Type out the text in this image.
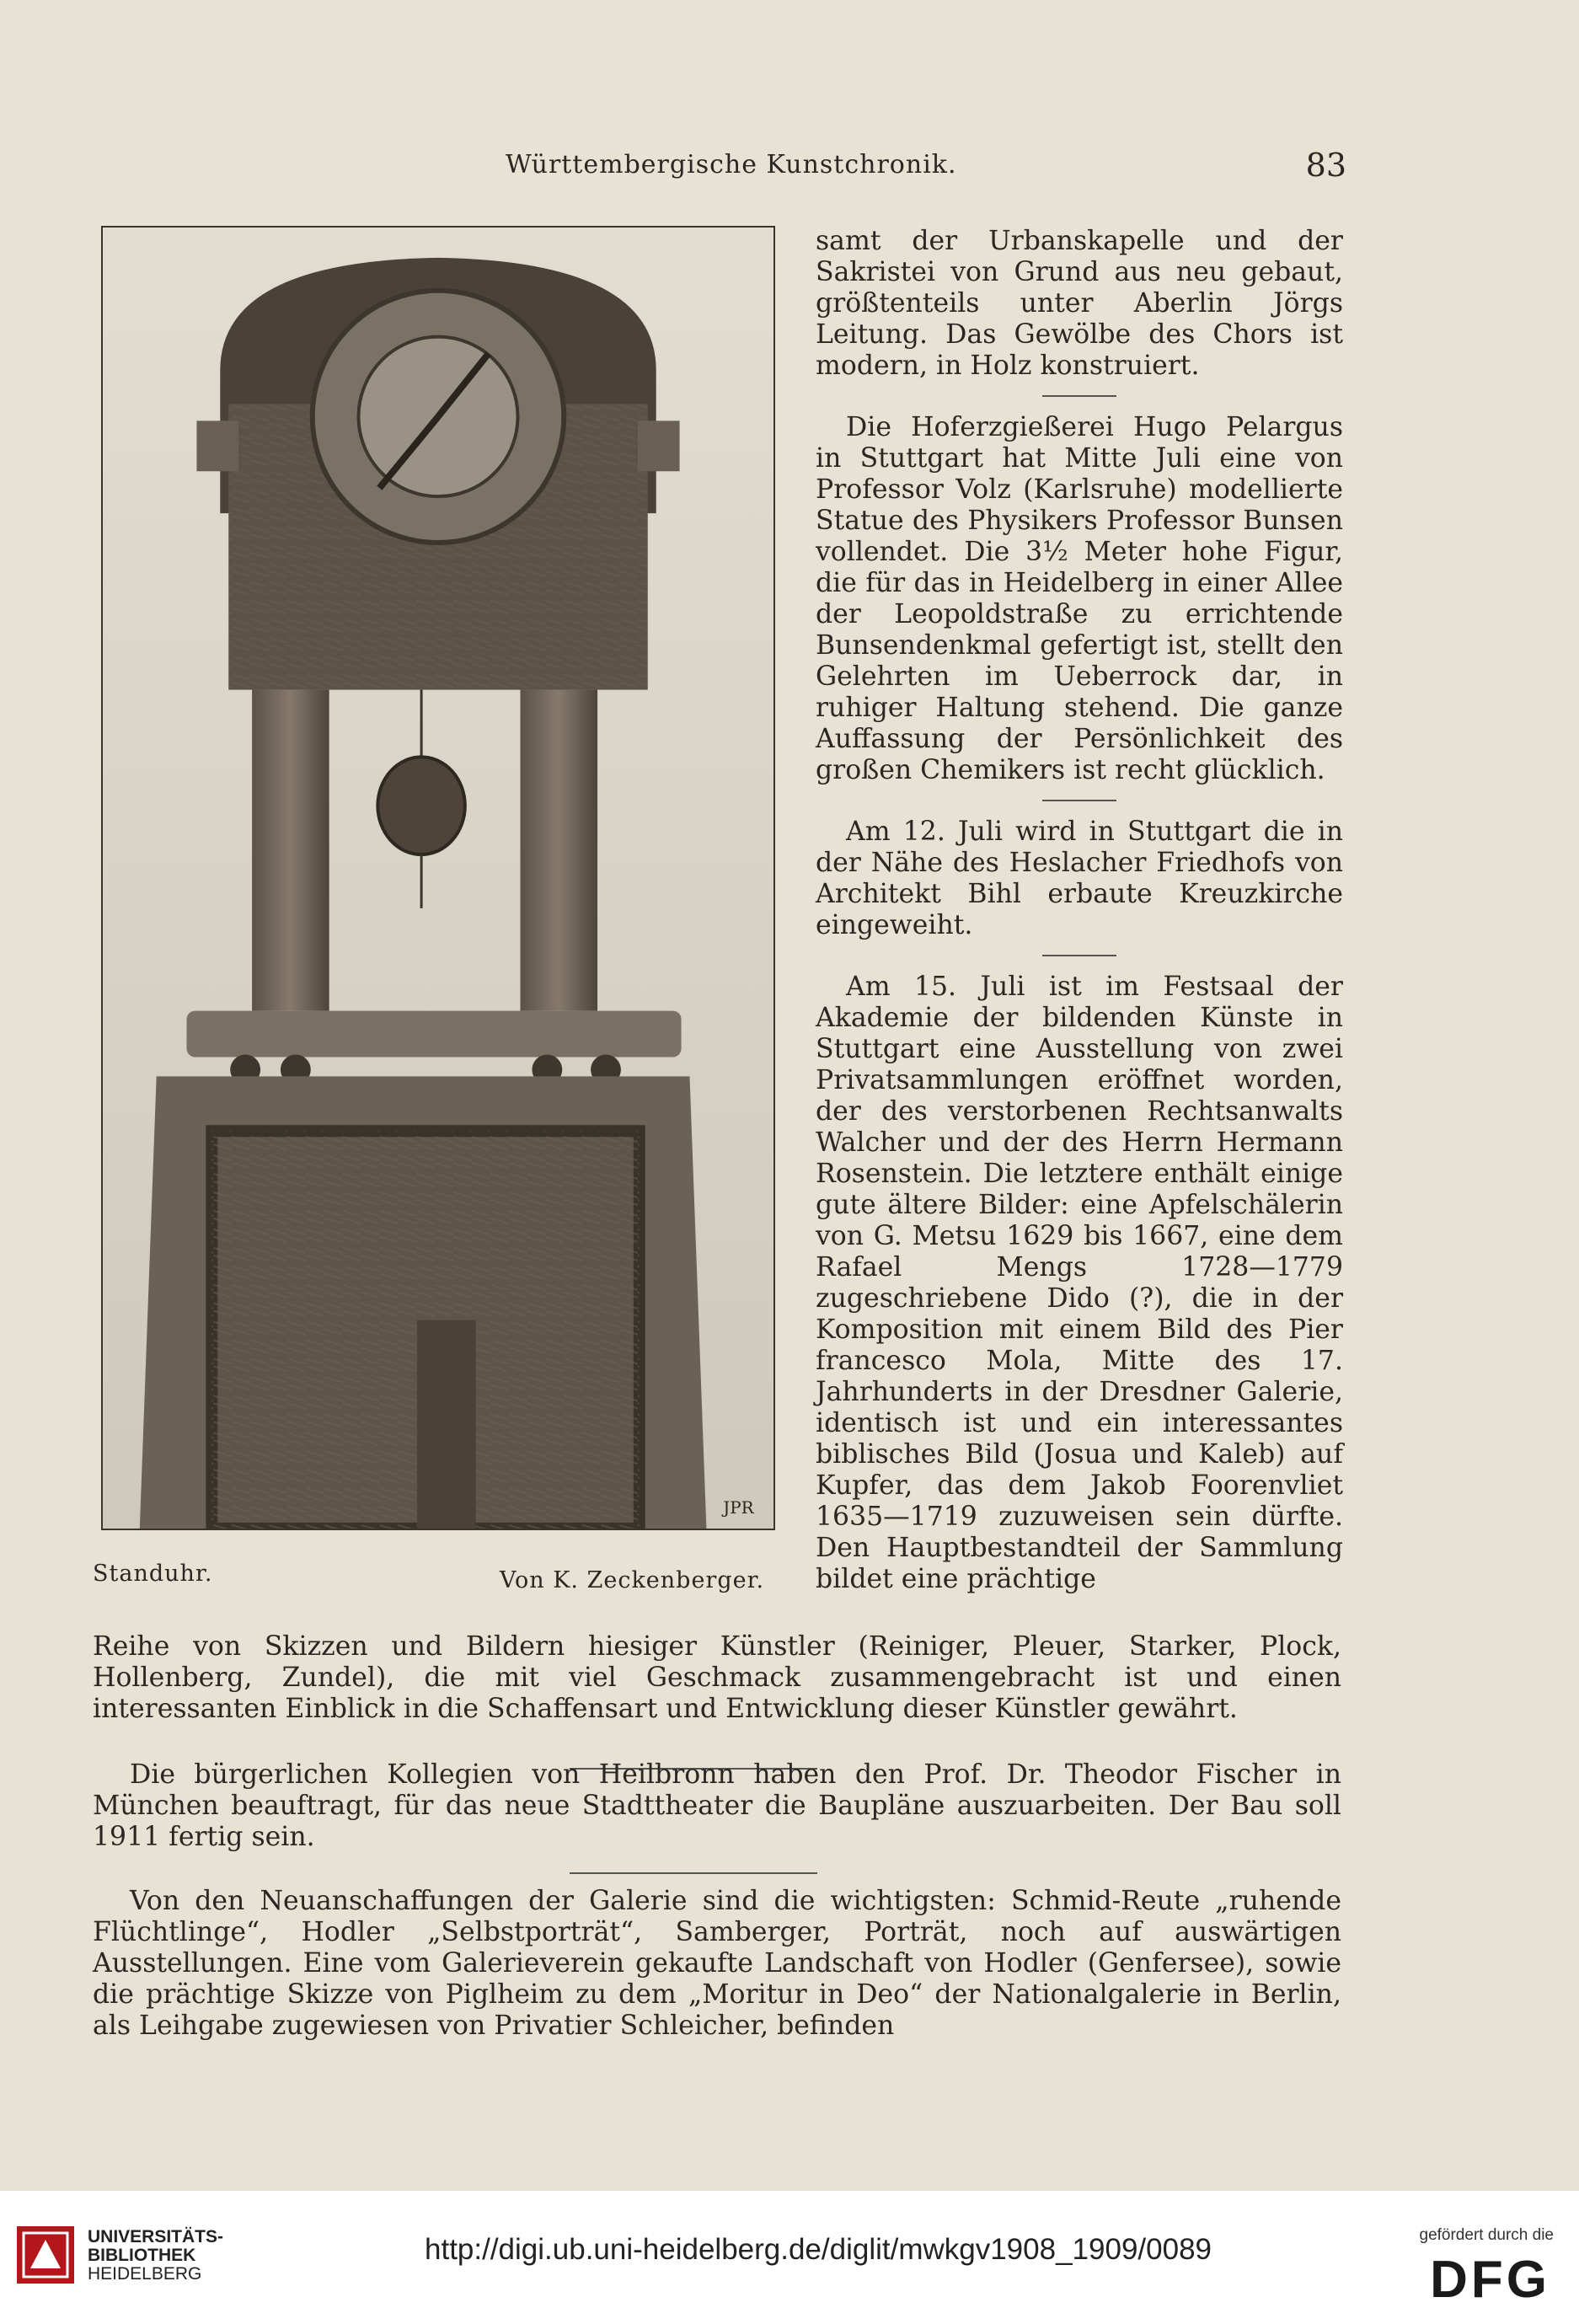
Württembergische Kunstchronik.	83
JPR
Standuhr.	Von K. Zeckenberger.

samt der Urbanskapelle und der Sakristei von Grund aus neu gebaut, größtenteils unter Aberlin Jörgs Leitung. Das Gewölbe des Chors ist modern, in Holz konstruiert.

Die Hoferzgießerei Hugo Pelargus in Stuttgart hat Mitte Juli eine von Professor Volz (Karlsruhe) modellierte Statue des Physikers Professor Bunsen vollendet. Die 3½ Meter hohe Figur, die für das in Heidelberg in einer Allee der Leopoldstraße zu errichtende Bunsendenkmal gefertigt ist, stellt den Gelehrten im Ueberrock dar, in ruhiger Haltung stehend. Die ganze Auffassung der Persönlichkeit des großen Chemikers ist recht glücklich.

Am 12. Juli wird in Stuttgart die in der Nähe des Heslacher Friedhofs von Architekt Bihl erbaute Kreuzkirche eingeweiht.

Am 15. Juli ist im Festsaal der Akademie der bildenden Künste in Stuttgart eine Ausstellung von zwei Privatsammlungen eröffnet worden, der des verstorbenen Rechtsanwalts Walcher und der des Herrn Hermann Rosenstein. Die letztere enthält einige gute ältere Bilder: eine Apfelschälerin von G. Metsu 1629 bis 1667, eine dem Rafael Mengs 1728—1779 zugeschriebene Dido (?), die in der Komposition mit einem Bild des Pier francesco Mola, Mitte des 17. Jahrhunderts in der Dresdner Galerie, identisch ist und ein interessantes biblisches Bild (Josua und Kaleb) auf Kupfer, das dem Jakob Foorenvliet 1635—1719 zuzuweisen sein dürfte. Den Hauptbestandteil der Sammlung bildet eine prächtige

Reihe von Skizzen und Bildern hiesiger Künstler (Reiniger, Pleuer, Starker, Plock, Hollenberg, Zundel), die mit viel Geschmack zusammengebracht ist und einen interessanten Einblick in die Schaffensart und Entwicklung dieser Künstler gewährt.

Die bürgerlichen Kollegien von Heilbronn haben den Prof. Dr. Theodor Fischer in München beauftragt, für das neue Stadttheater die Baupläne auszuarbeiten. Der Bau soll 1911 fertig sein.

Von den Neuanschaffungen der Galerie sind die wichtigsten: Schmid-Reute „ruhende Flüchtlinge“, Hodler „Selbstporträt“, Samberger, Porträt, noch auf auswärtigen Ausstellungen. Eine vom Galerieverein gekaufte Landschaft von Hodler (Genfersee), sowie die prächtige Skizze von Piglheim zu dem „Moritur in Deo“ der Nationalgalerie in Berlin, als Leihgabe zugewiesen von Privatier Schleicher, befinden

UNIVERSITÄTS-
BIBLIOTHEK
HEIDELBERG
http://digi.ub.uni-heidelberg.de/diglit/mwkgv1908_1909/0089	gefördert durch die
DFG
